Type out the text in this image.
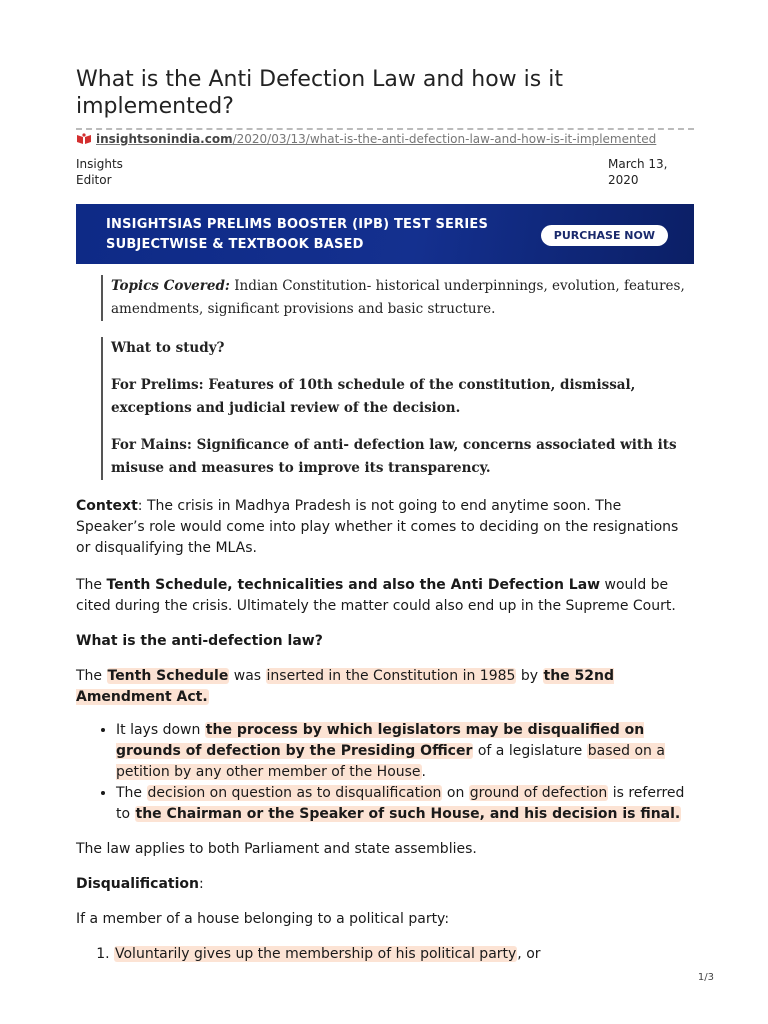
What is the Anti Defection Law and how is it implemented?
insightsonindia.com/2020/03/13/what-is-the-anti-defection-law-and-how-is-it-implemented
Insights Editor
March 13, 2020
INSIGHTSIAS PRELIMS BOOSTER (IPB) TEST SERIES
SUBJECTWISE & TEXTBOOK BASED
PURCHASE NOW
Topics Covered: Indian Constitution- historical underpinnings, evolution, features, amendments, significant provisions and basic structure.

What to study?

For Prelims: Features of 10th schedule of the constitution, dismissal, exceptions and judicial review of the decision.

For Mains: Significance of anti- defection law, concerns associated with its misuse and measures to improve its transparency.

Context: The crisis in Madhya Pradesh is not going to end anytime soon. The Speaker’s role would come into play whether it comes to deciding on the resignations or disqualifying the MLAs.

The Tenth Schedule, technicalities and also the Anti Defection Law would be cited during the crisis. Ultimately the matter could also end up in the Supreme Court.

What is the anti-defection law?

The Tenth Schedule was inserted in the Constitution in 1985 by the 52nd Amendment Act.

• It lays down the process by which legislators may be disqualified on grounds of defection by the Presiding Officer of a legislature based on a petition by any other member of the House.
• The decision on question as to disqualification on ground of defection is referred to the Chairman or the Speaker of such House, and his decision is final.

The law applies to both Parliament and state assemblies.

Disqualification:

If a member of a house belonging to a political party:

1. Voluntarily gives up the membership of his political party, or
1/3
